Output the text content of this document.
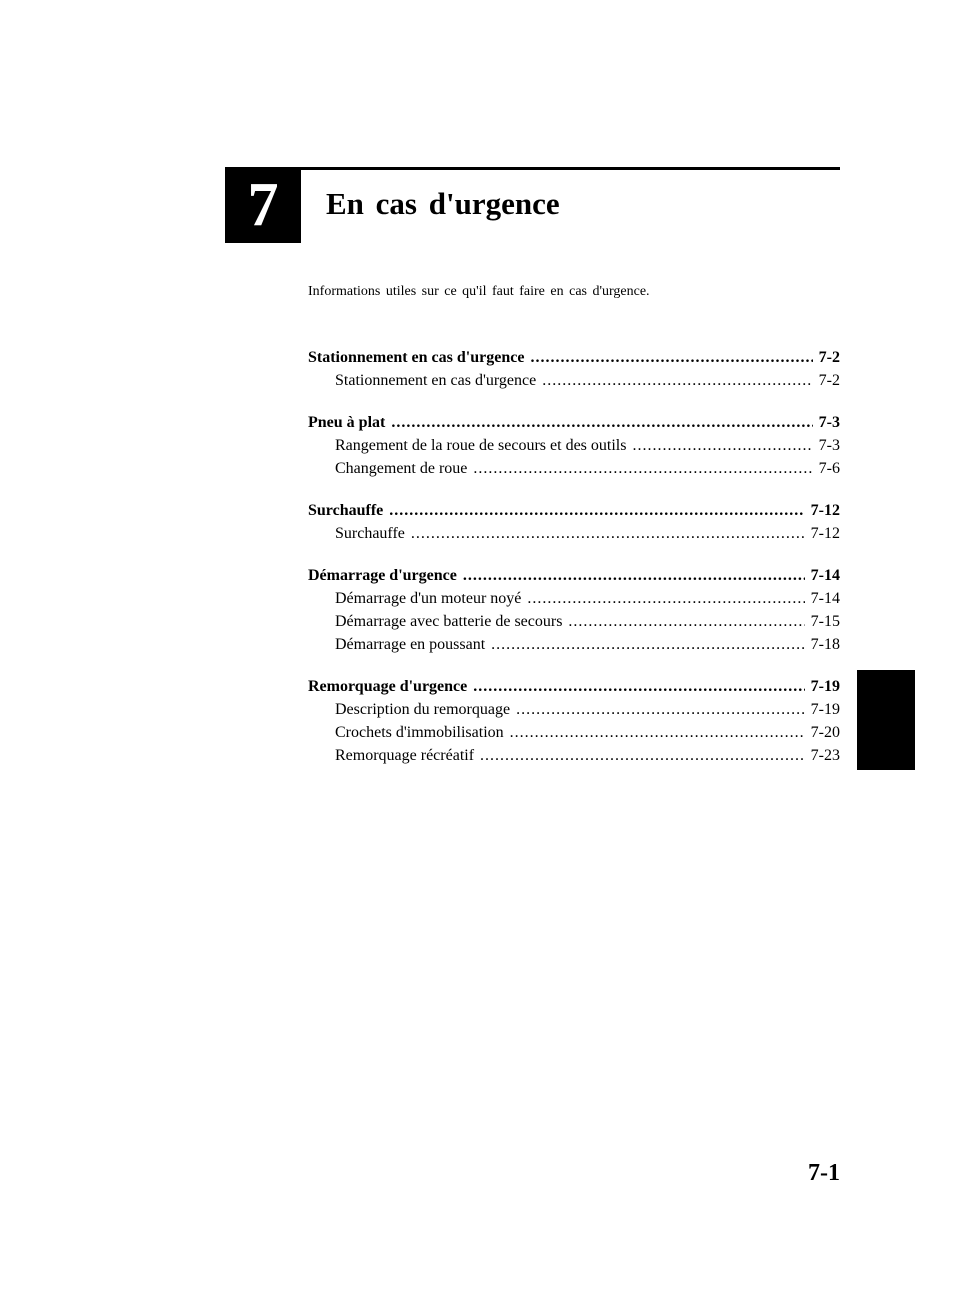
7 En cas d'urgence
Informations utiles sur ce qu'il faut faire en cas d'urgence.
Stationnement en cas d'urgence .....	7-2
Stationnement en cas d'urgence .....	7-2
Pneu à plat .....	7-3
Rangement de la roue de secours et des outils .....	7-3
Changement de roue .....	7-6
Surchauffe .....	7-12
Surchauffe .....	7-12
Démarrage d'urgence .....	7-14
Démarrage d'un moteur noyé .....	7-14
Démarrage avec batterie de secours .....	7-15
Démarrage en poussant .....	7-18
Remorquage d'urgence .....	7-19
Description du remorquage .....	7-19
Crochets d'immobilisation .....	7-20
Remorquage récréatif .....	7-23
7-1
